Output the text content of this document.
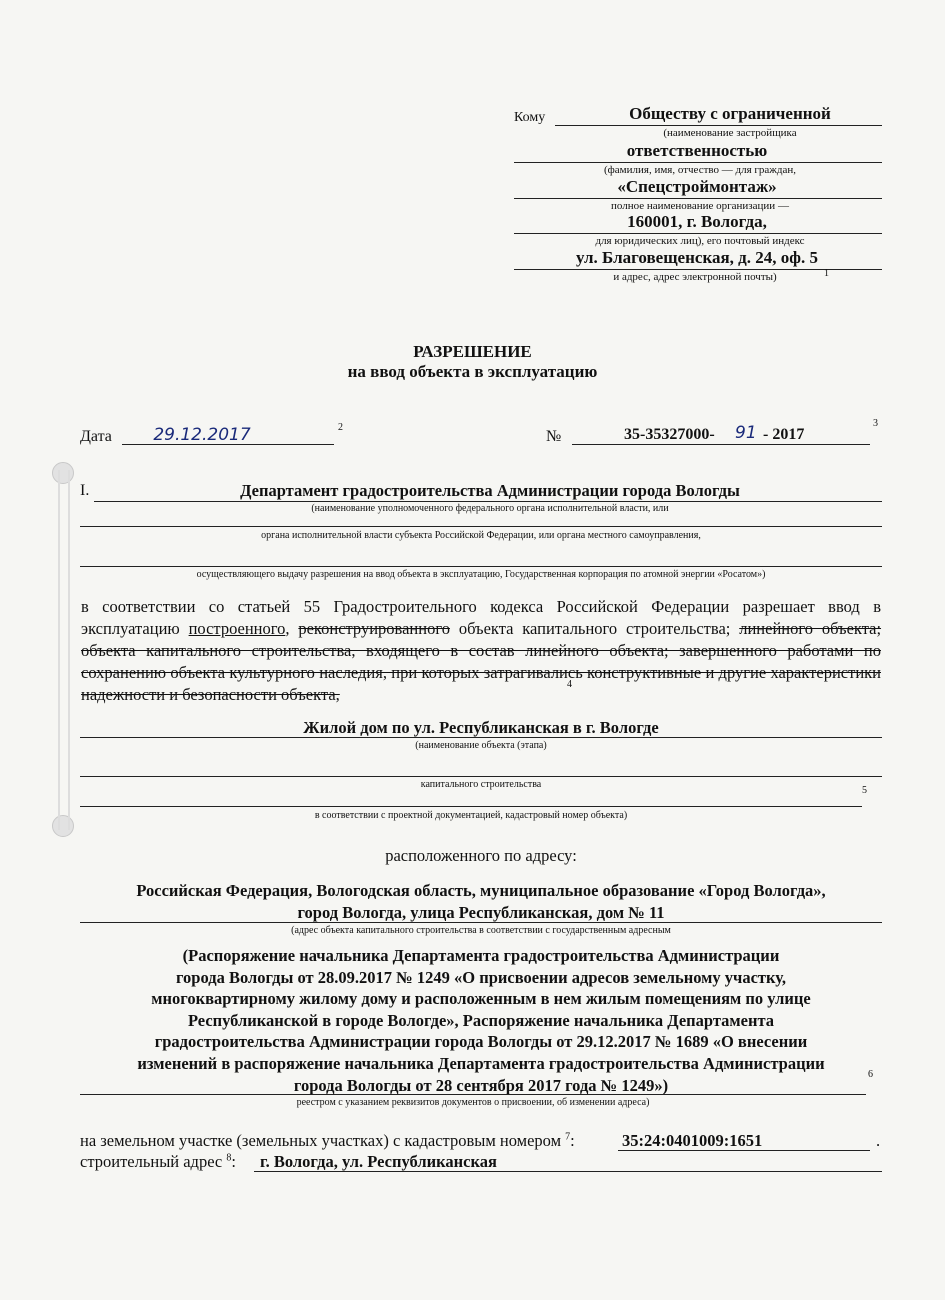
Кому	Обществу с ограниченной
(наименование застройщика
ответственностью
(фамилия, имя, отчество — для граждан,
«Спецстроймонтаж»
полное наименование организации —
160001, г. Вологда,
для юридических лиц), его почтовый индекс
ул. Благовещенская, д. 24, оф. 5
и адрес, адрес электронной почты)	1
РАЗРЕШЕНИЕ
на ввод объекта в эксплуатацию
Дата	29.12.2017	2
№	35-35327000- 91 - 2017
3
I.	Департамент градостроительства Администрации города Вологды
(наименование уполномоченного федерального органа исполнительной власти, или
органа исполнительной власти субъекта Российской Федерации, или органа местного самоуправления,
осуществляющего выдачу разрешения на ввод объекта в эксплуатацию, Государственная корпорация по атомной энергии «Росатом»)
в соответствии со статьей 55 Градостроительного кодекса Российской Федерации разрешает ввод в эксплуатацию построенного, реконструированного объекта капитального строительства; линейного объекта; объекта капитального строительства, входящего в состав линейного объекта; завершенного работами по сохранению объекта культурного наследия, при которых затрагивались конструктивные и другие характеристики надежности и безопасности объекта,
4
Жилой дом по ул. Республиканская в г. Вологде
(наименование объекта (этапа)
капитального строительства
5
в соответствии с проектной документацией, кадастровый номер объекта)
расположенного по адресу:
Российская Федерация, Вологодская область, муниципальное образование «Город Вологда»,
город Вологда, улица Республиканская, дом № 11
(адрес объекта капитального строительства в соответствии с государственным адресным
(Распоряжение начальника Департамента градостроительства Администрации
города Вологды от 28.09.2017 № 1249 «О присвоении адресов земельному участку,
многоквартирному жилому дому и расположенным в нем жилым помещениям по улице
Республиканской в городе Вологде», Распоряжение начальника Департамента
градостроительства Администрации города Вологды от 29.12.2017 № 1689 «О внесении
изменений в распоряжение начальника Департамента градостроительства Администрации
города Вологды от 28 сентября 2017 года № 1249»)
6
реестром с указанием реквизитов документов о присвоении, об изменении адреса)
на земельном участке (земельных участках) с кадастровым номером $^7$:	35:24:0401009:1651	.
строительный адрес $^8$: г. Вологда, ул. Республиканская
